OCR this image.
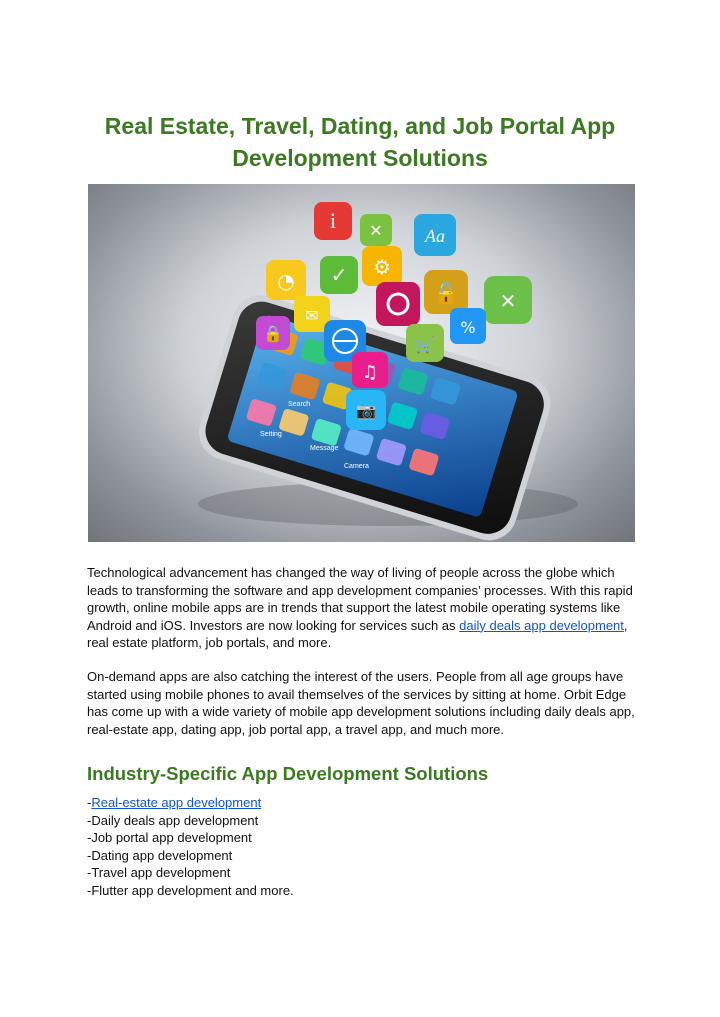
Real Estate, Travel, Dating, and Job Portal App
Development Solutions
Setting
Search
Message
Camera
i ✕ Aa
◔ ✓ ⚙
🔓 ✕
🔒
✉
%
🛒
♫
📷

Technological advancement has changed the way of living of people across the globe which leads to transforming the software and app development companies’ processes. With this rapid growth, online mobile apps are in trends that support the latest mobile operating systems like Android and iOS. Investors are now looking for services such as daily deals app development, real estate platform, job portals, and more.

On-demand apps are also catching the interest of the users. People from all age groups have started using mobile phones to avail themselves of the services by sitting at home. Orbit Edge has come up with a wide variety of mobile app development solutions including daily deals app, real-estate app, dating app, job portal app, a travel app, and much more.

Industry-Specific App Development Solutions
-Real-estate app development
-Daily deals app development
-Job portal app development
-Dating app development
-Travel app development
-Flutter app development and more.
